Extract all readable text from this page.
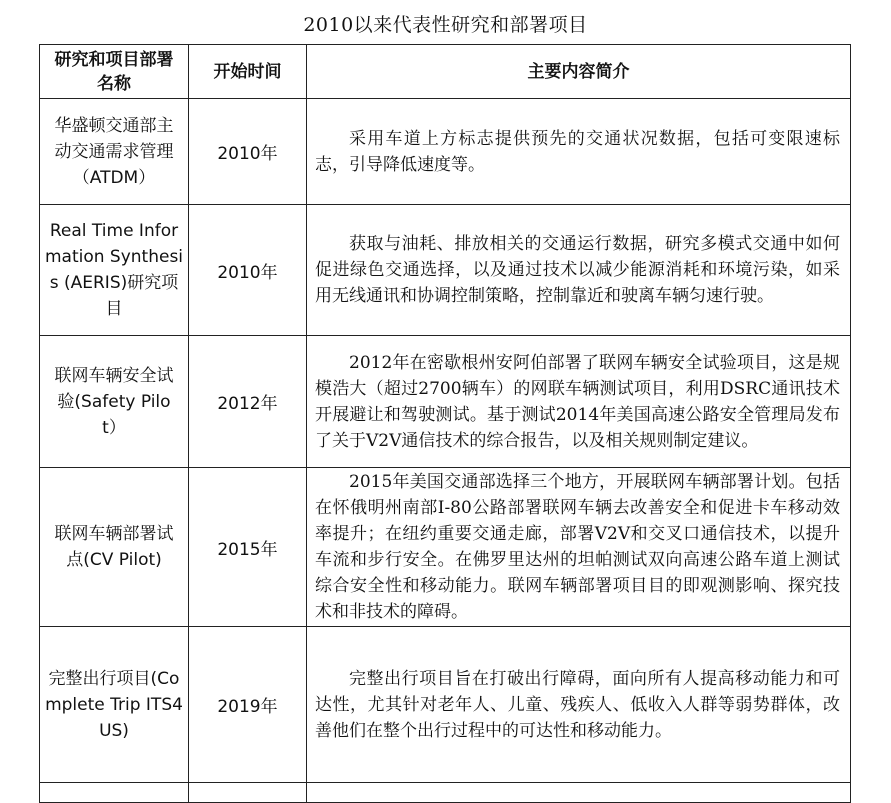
2010以来代表性研究和部署项目
研究和项目部署名称	开始时间	主要内容简介
华盛顿交通部主动交通需求管理（ATDM）	2010年	采用车道上方标志提供预先的交通状况数据，包括可变限速标志，引导降低速度等。
Real Time Information Synthesis (AERIS)研究项目	2010年	获取与油耗、排放相关的交通运行数据，研究多模式交通中如何促进绿色交通选择，以及通过技术以减少能源消耗和环境污染，如采用无线通讯和协调控制策略，控制靠近和驶离车辆匀速行驶。
联网车辆安全试验(Safety Pilot）	2012年	2012年在密歇根州安阿伯部署了联网车辆安全试验项目，这是规模浩大（超过2700辆车）的网联车辆测试项目，利用DSRC通讯技术开展避让和驾驶测试。基于测试2014年美国高速公路安全管理局发布了关于V2V通信技术的综合报告，以及相关规则制定建议。
联网车辆部署试点(CV Pilot)	2015年	2015年美国交通部选择三个地方，开展联网车辆部署计划。包括在怀俄明州南部I-80公路部署联网车辆去改善安全和促进卡车移动效率提升；在纽约重要交通走廊，部署V2V和交叉口通信技术，以提升车流和步行安全。在佛罗里达州的坦帕测试双向高速公路车道上测试综合安全性和移动能力。联网车辆部署项目目的即观测影响、探究技术和非技术的障碍。
完整出行项目(Complete Trip ITS4US)	2019年	完整出行项目旨在打破出行障碍，面向所有人提高移动能力和可达性，尤其针对老年人、儿童、残疾人、低收入人群等弱势群体，改善他们在整个出行过程中的可达性和移动能力。
